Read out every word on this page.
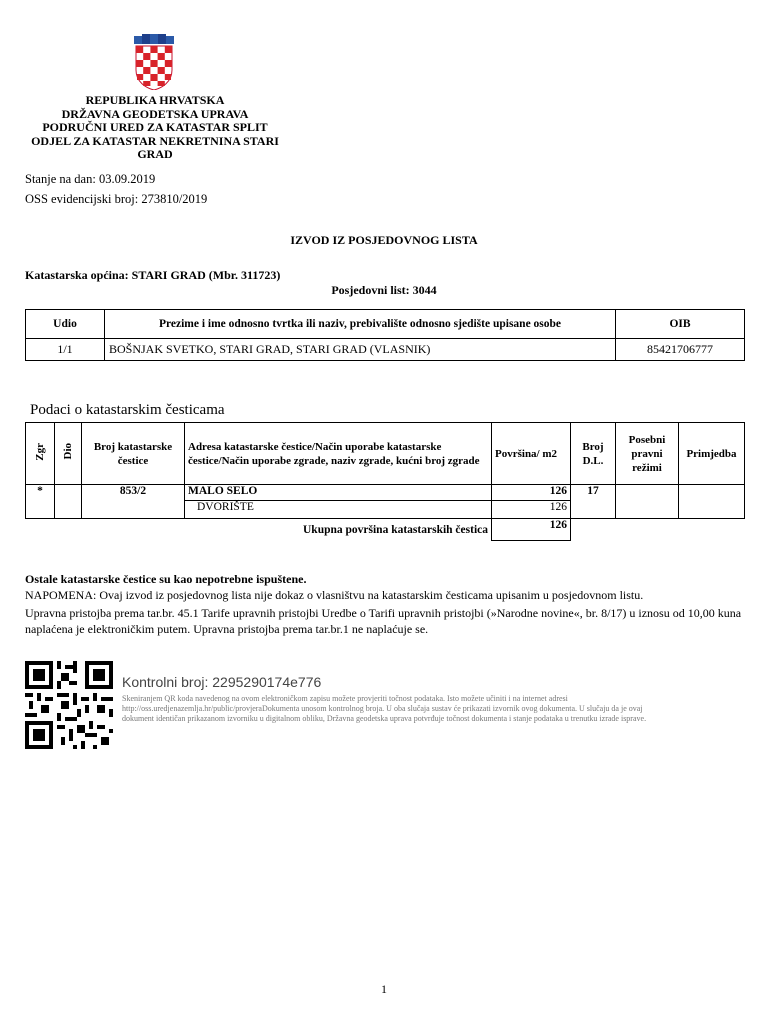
REPUBLIKA HRVATSKA
DRŽAVNA GEODETSKA UPRAVA
PODRUČNI URED ZA KATASTAR SPLIT
ODJEL ZA KATASTAR NEKRETNINA STARI GRAD
Stanje na dan: 03.09.2019
OSS evidencijski broj: 273810/2019
IZVOD IZ POSJEDOVNOG LISTA
Katastarska općina: STARI GRAD (Mbr. 311723)
Posjedovni list: 3044
Udio	Prezime i ime odnosno tvrtka ili naziv, prebivalište odnosno sjedište upisane osobe	OIB
1/1	BOŠNJAK SVETKO, STARI GRAD, STARI GRAD (VLASNIK)	85421706777
Podaci o katastarskim česticama
Zgr	Dio	Broj katastarske čestice	Adresa katastarske čestice/Način uporabe katastarske čestice/Način uporabe zgrade, naziv zgrade, kućni broj zgrade	Površina/ m2	Broj D.L.	Posebni pravni režimi	Primjedba
*		853/2	MALO SELO	126	17		
			DVORIŠTE	126			
Ukupna površina katastarskih čestica				126			
Ostale katastarske čestice su kao nepotrebne ispuštene.
NAPOMENA: Ovaj izvod iz posjedovnog lista nije dokaz o vlasništvu na katastarskim česticama upisanim u posjedovnom listu.
Upravna pristojba prema tar.br. 45.1 Tarife upravnih pristojbi Uredbe o Tarifi upravnih pristojbi (»Narodne novine«, br. 8/17) u iznosu od 10,00 kuna naplaćena je elektroničkim putem. Upravna pristojba prema tar.br.1 ne naplaćuje se.
Kontrolni broj: 2295290174e776
Skeniranjem QR koda navedenog na ovom elektroničkom zapisu možete provjeriti točnost podataka. Isto možete učiniti i na internet adresi http://oss.uredjenazemlja.hr/public/provjeraDokumenta unosom kontrolnog broja. U oba slučaja sustav će prikazati izvornik ovog dokumenta. U slučaju da je ovaj dokument identičan prikazanom izvorniku u digitalnom obliku, Državna geodetska uprava potvrđuje točnost dokumenta i stanje podataka u trenutku izrade isprave.
1
